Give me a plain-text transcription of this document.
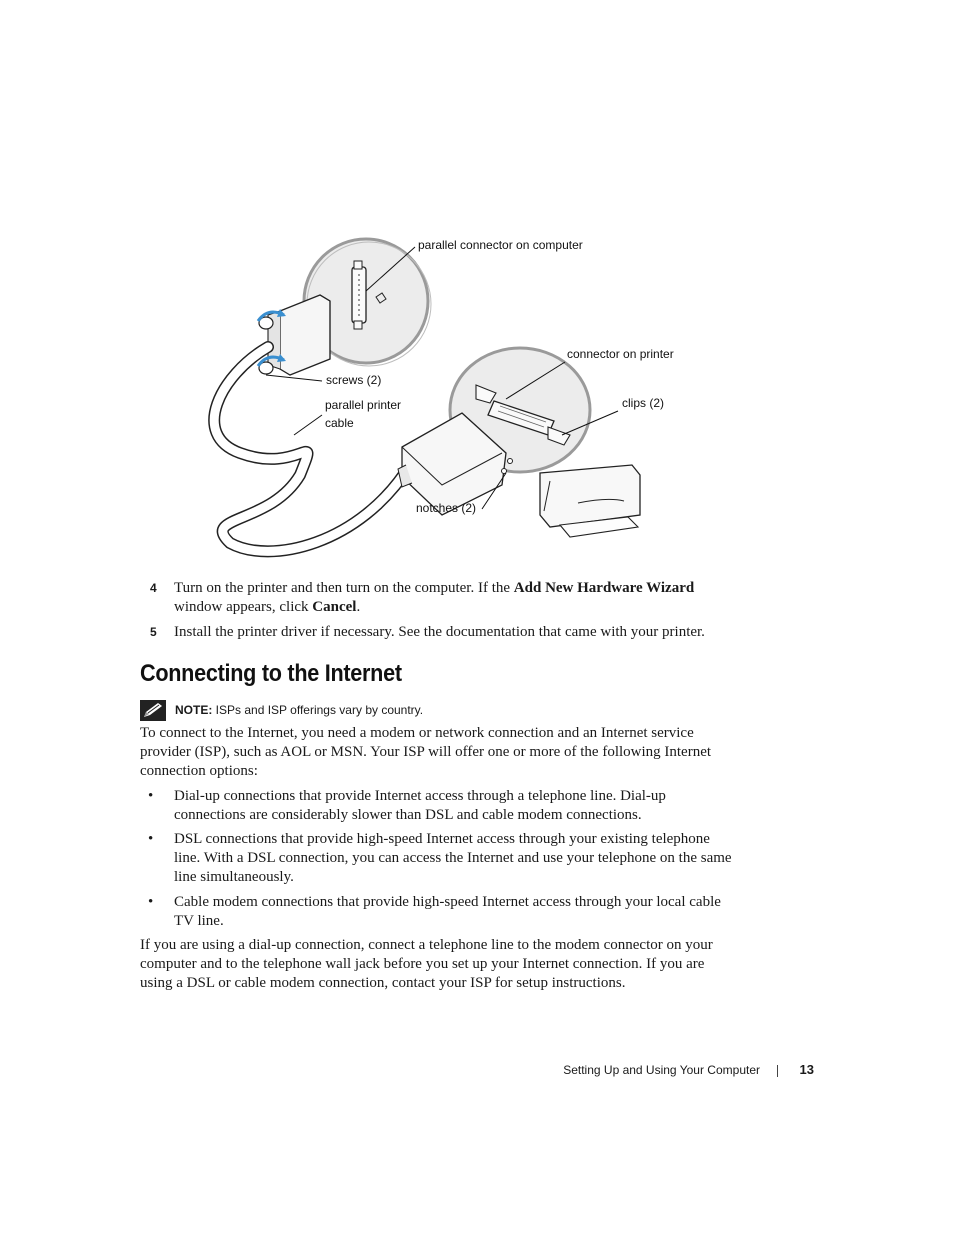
parallel connector on computer
connector on printer
screws (2)
clips (2)
parallel printer
cable
notches (2)
4	Turn on the printer and then turn on the computer. If the Add New Hardware Wizard
window appears, click Cancel.
5	Install the printer driver if necessary. See the documentation that came with your printer.
Connecting to the Internet
NOTE: ISPs and ISP offerings vary by country.
To connect to the Internet, you need a modem or network connection and an Internet service
provider (ISP), such as AOL or MSN. Your ISP will offer one or more of the following Internet
connection options:
• Dial-up connections that provide Internet access through a telephone line. Dial-up
connections are considerably slower than DSL and cable modem connections.
• DSL connections that provide high-speed Internet access through your existing telephone
line. With a DSL connection, you can access the Internet and use your telephone on the same
line simultaneously.
• Cable modem connections that provide high-speed Internet access through your local cable
TV line.
If you are using a dial-up connection, connect a telephone line to the modem connector on your
computer and to the telephone wall jack before you set up your Internet connection. If you are
using a DSL or cable modem connection, contact your ISP for setup instructions.
Setting Up and Using Your Computer	13
